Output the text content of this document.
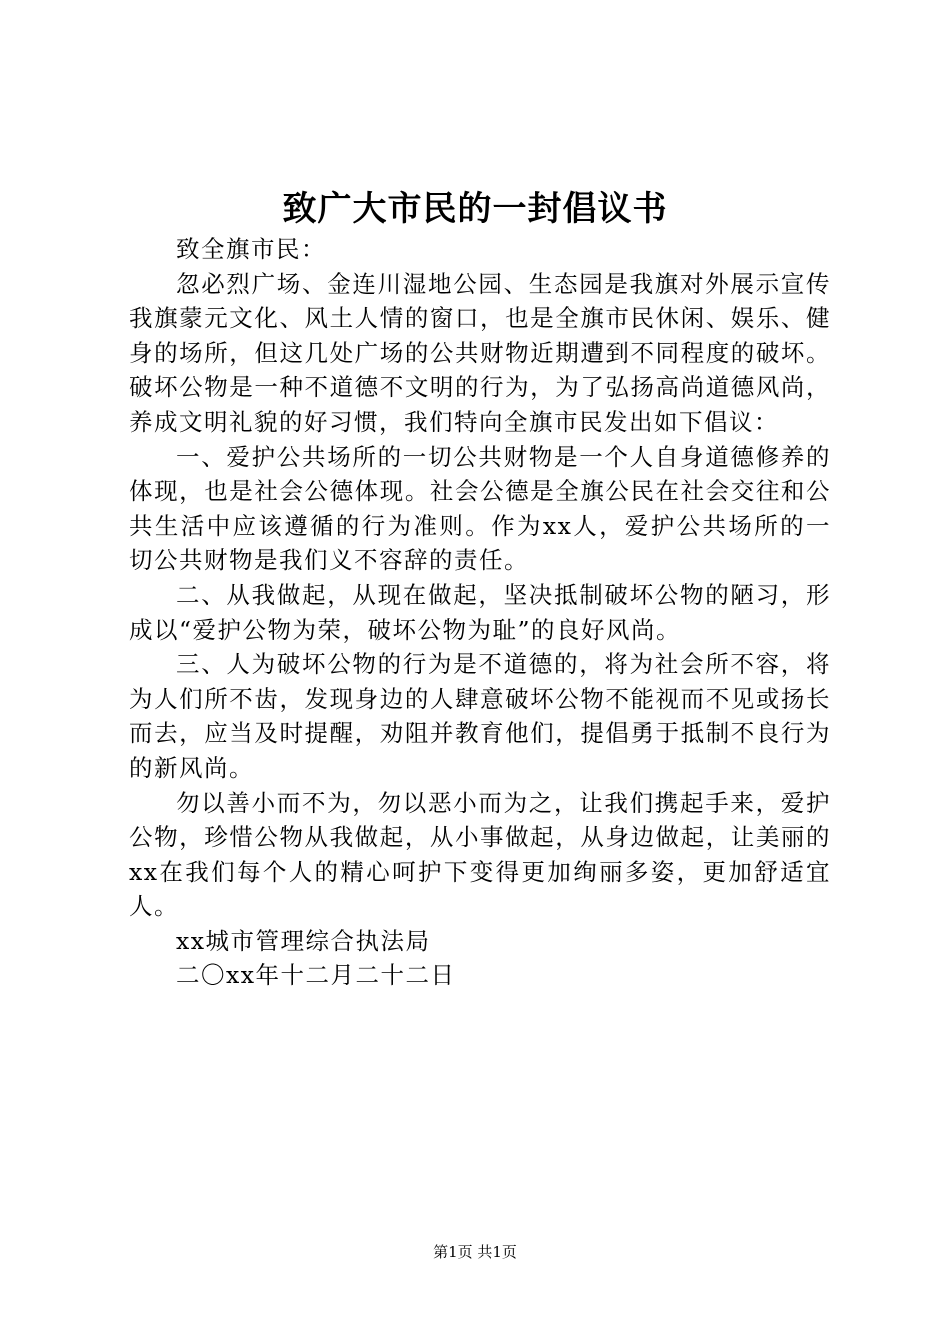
致广大市民的一封倡议书

致全旗市民：

忽必烈广场、金连川湿地公园、生态园是我旗对外展示宣传我旗蒙元文化、风土人情的窗口，也是全旗市民休闲、娱乐、健身的场所，但这几处广场的公共财物近期遭到不同程度的破坏。破坏公物是一种不道德不文明的行为，为了弘扬高尚道德风尚，养成文明礼貌的好习惯，我们特向全旗市民发出如下倡议：

一、爱护公共场所的一切公共财物是一个人自身道德修养的体现，也是社会公德体现。社会公德是全旗公民在社会交往和公共生活中应该遵循的行为准则。作为xx人，爱护公共场所的一切公共财物是我们义不容辞的责任。

二、从我做起，从现在做起，坚决抵制破坏公物的陋习，形成以“爱护公物为荣，破坏公物为耻”的良好风尚。

三、人为破坏公物的行为是不道德的，将为社会所不容，将为人们所不齿，发现身边的人肆意破坏公物不能视而不见或扬长而去，应当及时提醒，劝阻并教育他们，提倡勇于抵制不良行为的新风尚。

勿以善小而不为，勿以恶小而为之，让我们携起手来，爱护公物，珍惜公物从我做起，从小事做起，从身边做起，让美丽的xx在我们每个人的精心呵护下变得更加绚丽多姿，更加舒适宜人。

xx城市管理综合执法局

二〇xx年十二月二十二日

第1页 共1页
